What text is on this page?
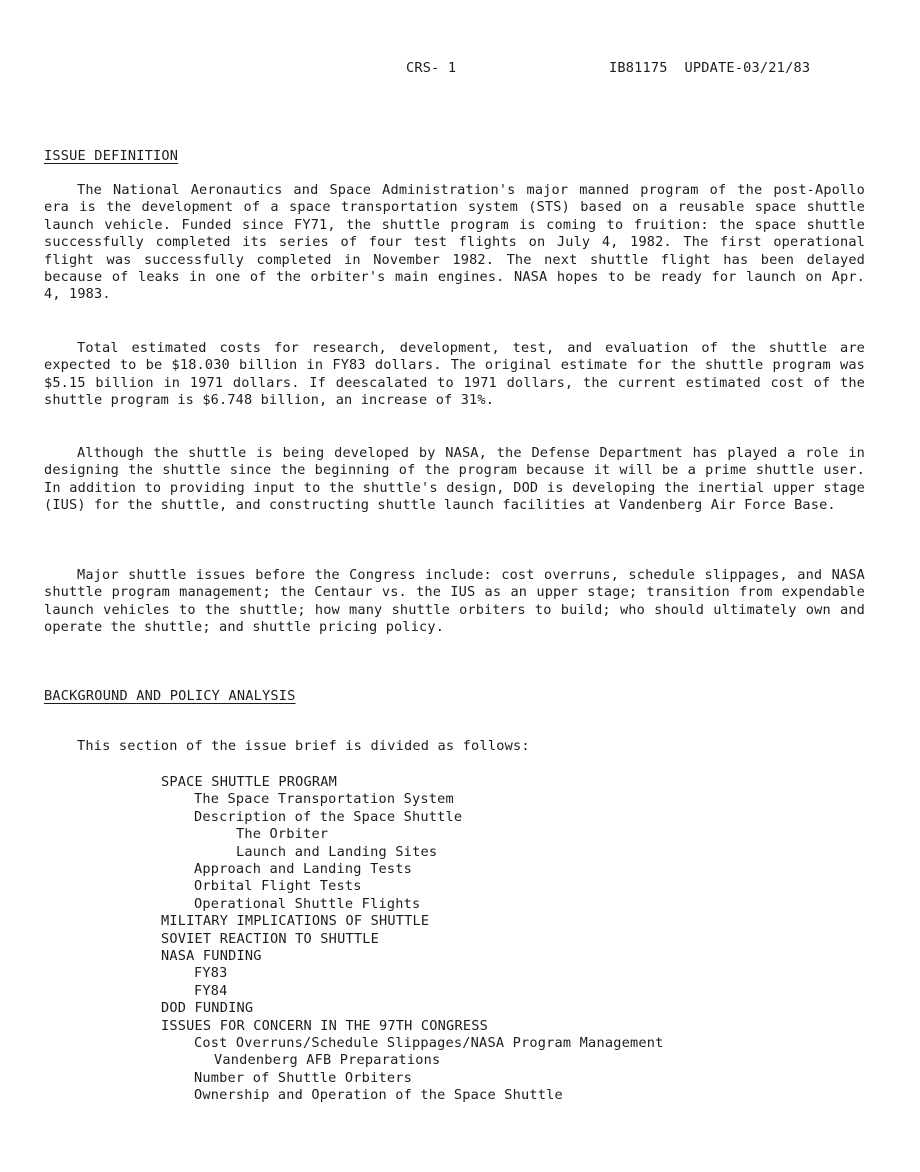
CRS- 1	IB81175  UPDATE-03/21/83
ISSUE DEFINITION

The National Aeronautics and Space Administration's major manned program of the post-Apollo era is the development of a space transportation system (STS) based on a reusable space shuttle launch vehicle. Funded since FY71, the shuttle program is coming to fruition: the space shuttle successfully completed its series of four test flights on July 4, 1982. The first operational flight was successfully completed in November 1982. The next shuttle flight has been delayed because of leaks in one of the orbiter's main engines. NASA hopes to be ready for launch on Apr. 4, 1983.

Total estimated costs for research, development, test, and evaluation of the shuttle are expected to be $18.030 billion in FY83 dollars. The original estimate for the shuttle program was $5.15 billion in 1971 dollars. If deescalated to 1971 dollars, the current estimated cost of the shuttle program is $6.748 billion, an increase of 31%.

Although the shuttle is being developed by NASA, the Defense Department has played a role in designing the shuttle since the beginning of the program because it will be a prime shuttle user. In addition to providing input to the shuttle's design, DOD is developing the inertial upper stage (IUS) for the shuttle, and constructing shuttle launch facilities at Vandenberg Air Force Base.

Major shuttle issues before the Congress include: cost overruns, schedule slippages, and NASA shuttle program management; the Centaur vs. the IUS as an upper stage; transition from expendable launch vehicles to the shuttle; how many shuttle orbiters to build; who should ultimately own and operate the shuttle; and shuttle pricing policy.

BACKGROUND AND POLICY ANALYSIS
This section of the issue brief is divided as follows:
SPACE SHUTTLE PROGRAM
The Space Transportation System
Description of the Space Shuttle
The Orbiter
Launch and Landing Sites
Approach and Landing Tests
Orbital Flight Tests
Operational Shuttle Flights
MILITARY IMPLICATIONS OF SHUTTLE
SOVIET REACTION TO SHUTTLE
NASA FUNDING
FY83
FY84
DOD FUNDING
ISSUES FOR CONCERN IN THE 97TH CONGRESS
Cost Overruns/Schedule Slippages/NASA Program Management
Vandenberg AFB Preparations
Number of Shuttle Orbiters
Ownership and Operation of the Space Shuttle
